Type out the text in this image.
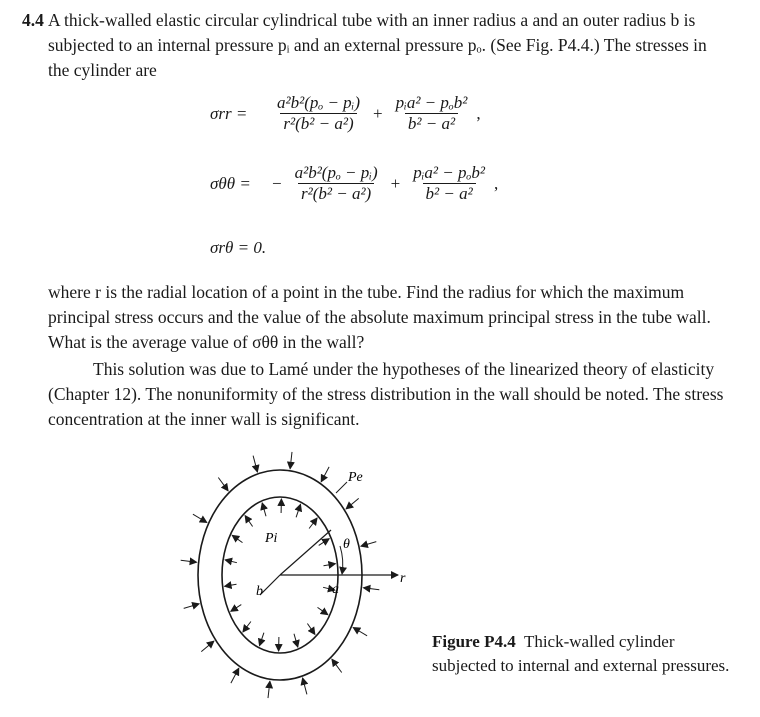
4.4 A thick-walled elastic circular cylindrical tube with an inner radius a and an outer radius b is subjected to an internal pressure pᵢ and an external pressure pₒ. (See Fig. P4.4.) The stresses in the cylinder are
σrr =	$\frac{\text{a²b²(pₒ − pᵢ)}}{\text{r²(b² − a²)}} + \frac{\text{pᵢa² − pₒb²}}{\text{b² − a²}}$ ,
σθθ =	− $\frac{\text{a²b²(pₒ − pᵢ)}}{\text{r²(b² − a²)}} + \frac{\text{pᵢa² − pₒb²}}{\text{b² − a²}}$ ,
σrθ = 0.
where r is the radial location of a point in the tube. Find the radius for which the maximum principal stress occurs and the value of the absolute maximum principal stress in the tube wall. What is the average value of σθθ in the wall?
This solution was due to Lamé under the hypotheses of the linearized theory of elasticity (Chapter 12). The nonuniformity of the stress distribution in the wall should be noted. The stress concentration at the inner wall is significant.
Pe
Pi	θ
r
a
b
Figure P4.4 Thick-walled cylinder subjected to internal and external pressures.
